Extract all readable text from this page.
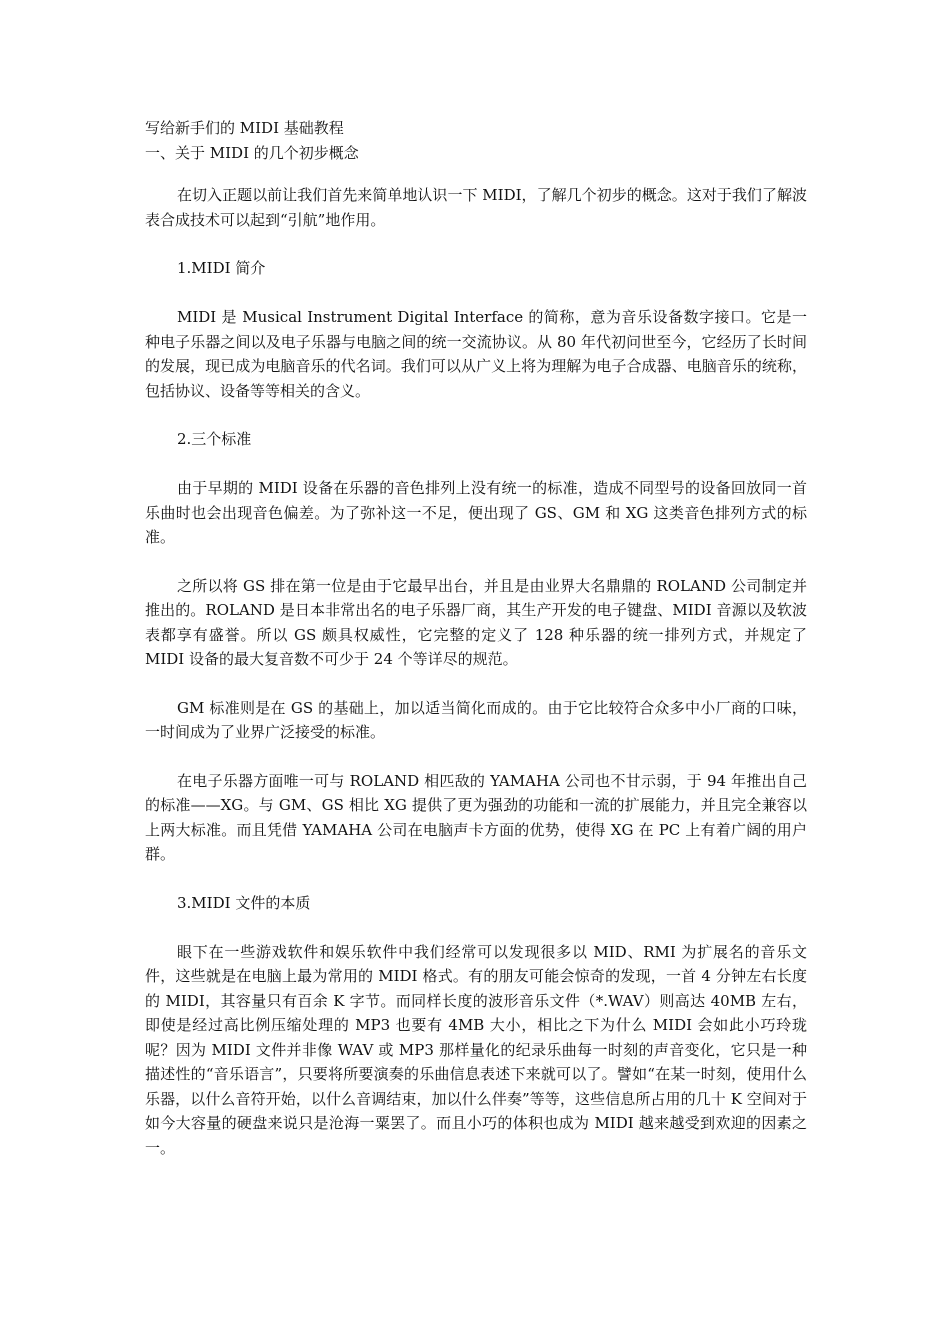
写给新手们的 MIDI 基础教程

一、关于 MIDI 的几个初步概念

在切入正题以前让我们首先来简单地认识一下 MIDI，了解几个初步的概念。这对于我们了解波表合成技术可以起到“引航”地作用。

1.MIDI 简介

MIDI 是 Musical Instrument Digital Interface 的简称，意为音乐设备数字接口。它是一种电子乐器之间以及电子乐器与电脑之间的统一交流协议。从 80 年代初问世至今，它经历了长时间的发展，现已成为电脑音乐的代名词。我们可以从广义上将为理解为电子合成器、电脑音乐的统称，包括协议、设备等等相关的含义。

2.三个标准

由于早期的 MIDI 设备在乐器的音色排列上没有统一的标准，造成不同型号的设备回放同一首乐曲时也会出现音色偏差。为了弥补这一不足，便出现了 GS、GM 和 XG 这类音色排列方式的标准。

之所以将 GS 排在第一位是由于它最早出台，并且是由业界大名鼎鼎的 ROLAND 公司制定并推出的。ROLAND 是日本非常出名的电子乐器厂商，其生产开发的电子键盘、MIDI 音源以及软波表都享有盛誉。所以 GS 颇具权威性，它完整的定义了 128 种乐器的统一排列方式，并规定了 MIDI 设备的最大复音数不可少于 24 个等详尽的规范。

GM 标准则是在 GS 的基础上，加以适当简化而成的。由于它比较符合众多中小厂商的口味，一时间成为了业界广泛接受的标准。

在电子乐器方面唯一可与 ROLAND 相匹敌的 YAMAHA 公司也不甘示弱，于 94 年推出自己的标准——XG。与 GM、GS 相比 XG 提供了更为强劲的功能和一流的扩展能力，并且完全兼容以上两大标准。而且凭借 YAMAHA 公司在电脑声卡方面的优势，使得 XG 在 PC 上有着广阔的用户群。

3.MIDI 文件的本质

眼下在一些游戏软件和娱乐软件中我们经常可以发现很多以 MID、RMI 为扩展名的音乐文件，这些就是在电脑上最为常用的 MIDI 格式。有的朋友可能会惊奇的发现，一首 4 分钟左右长度的 MIDI，其容量只有百余 K 字节。而同样长度的波形音乐文件（*.WAV）则高达 40MB 左右，即使是经过高比例压缩处理的 MP3 也要有 4MB 大小，相比之下为什么 MIDI 会如此小巧玲珑呢？因为 MIDI 文件并非像 WAV 或 MP3 那样量化的纪录乐曲每一时刻的声音变化，它只是一种描述性的“音乐语言”，只要将所要演奏的乐曲信息表述下来就可以了。譬如“在某一时刻，使用什么乐器，以什么音符开始，以什么音调结束，加以什么伴奏”等等，这些信息所占用的几十 K 空间对于如今大容量的硬盘来说只是沧海一粟罢了。而且小巧的体积也成为 MIDI 越来越受到欢迎的因素之一。
